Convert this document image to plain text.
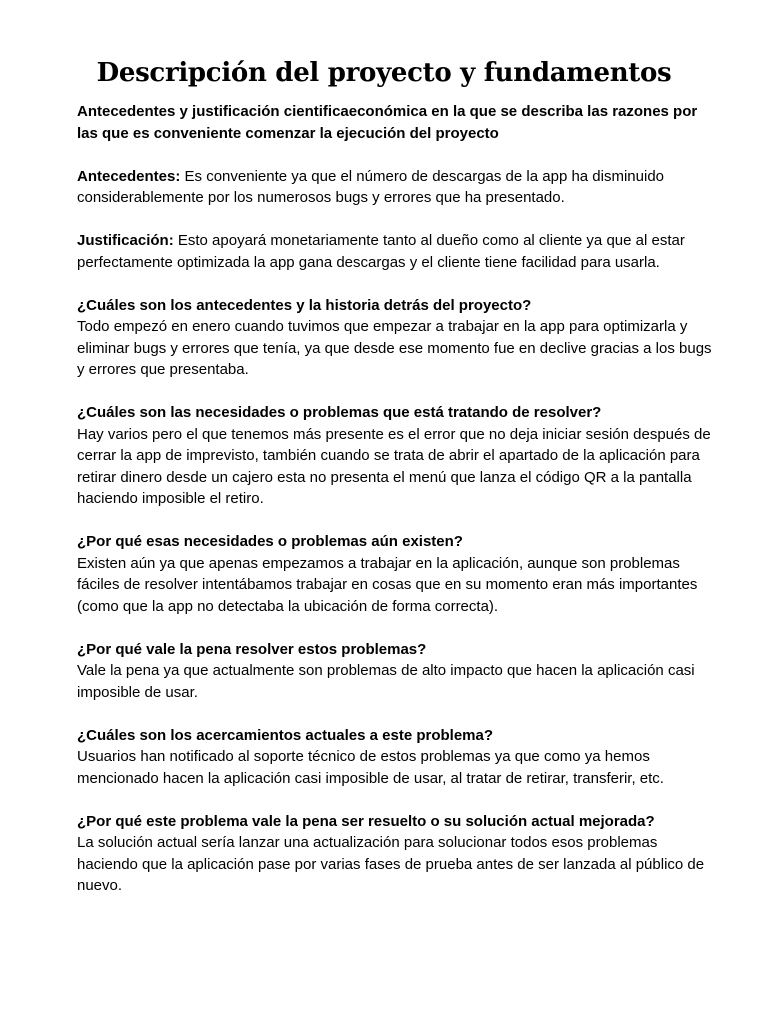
Descripción del proyecto y fundamentos

Antecedentes y justificación cientificaeconómica en la que se describa las razones por las que es conveniente comenzar la ejecución del proyecto

Antecedentes: Es conveniente ya que el número de descargas de la app ha disminuido considerablemente por los numerosos bugs y errores que ha presentado.

Justificación: Esto apoyará monetariamente tanto al dueño como al cliente ya que al estar perfectamente optimizada la app gana descargas y el cliente tiene facilidad para usarla.

¿Cuáles son los antecedentes y la historia detrás del proyecto?
Todo empezó en enero cuando tuvimos que empezar a trabajar en la app para optimizarla y eliminar bugs y errores que tenía, ya que desde ese momento fue en declive gracias a los bugs y errores que presentaba.
¿Cuáles son las necesidades o problemas que está tratando de resolver?
Hay varios pero el que tenemos más presente es el error que no deja iniciar sesión después de cerrar la app de imprevisto, también cuando se trata de abrir el apartado de la aplicación para retirar dinero desde un cajero esta no presenta el menú que lanza el código QR a la pantalla haciendo imposible el retiro.
¿Por qué esas necesidades o problemas aún existen?
Existen aún ya que apenas empezamos a trabajar en la aplicación, aunque son problemas fáciles de resolver intentábamos trabajar en cosas que en su momento eran más importantes (como que la app no detectaba la ubicación de forma correcta).
¿Por qué vale la pena resolver estos problemas?
Vale la pena ya que actualmente son problemas de alto impacto que hacen la aplicación casi imposible de usar.
¿Cuáles son los acercamientos actuales a este problema?
Usuarios han notificado al soporte técnico de estos problemas ya que como ya hemos mencionado hacen la aplicación casi imposible de usar, al tratar de retirar, transferir, etc.
¿Por qué este problema vale la pena ser resuelto o su solución actual mejorada?
La solución actual sería lanzar una actualización para solucionar todos esos problemas haciendo que la aplicación pase por varias fases de prueba antes de ser lanzada al público de nuevo.
